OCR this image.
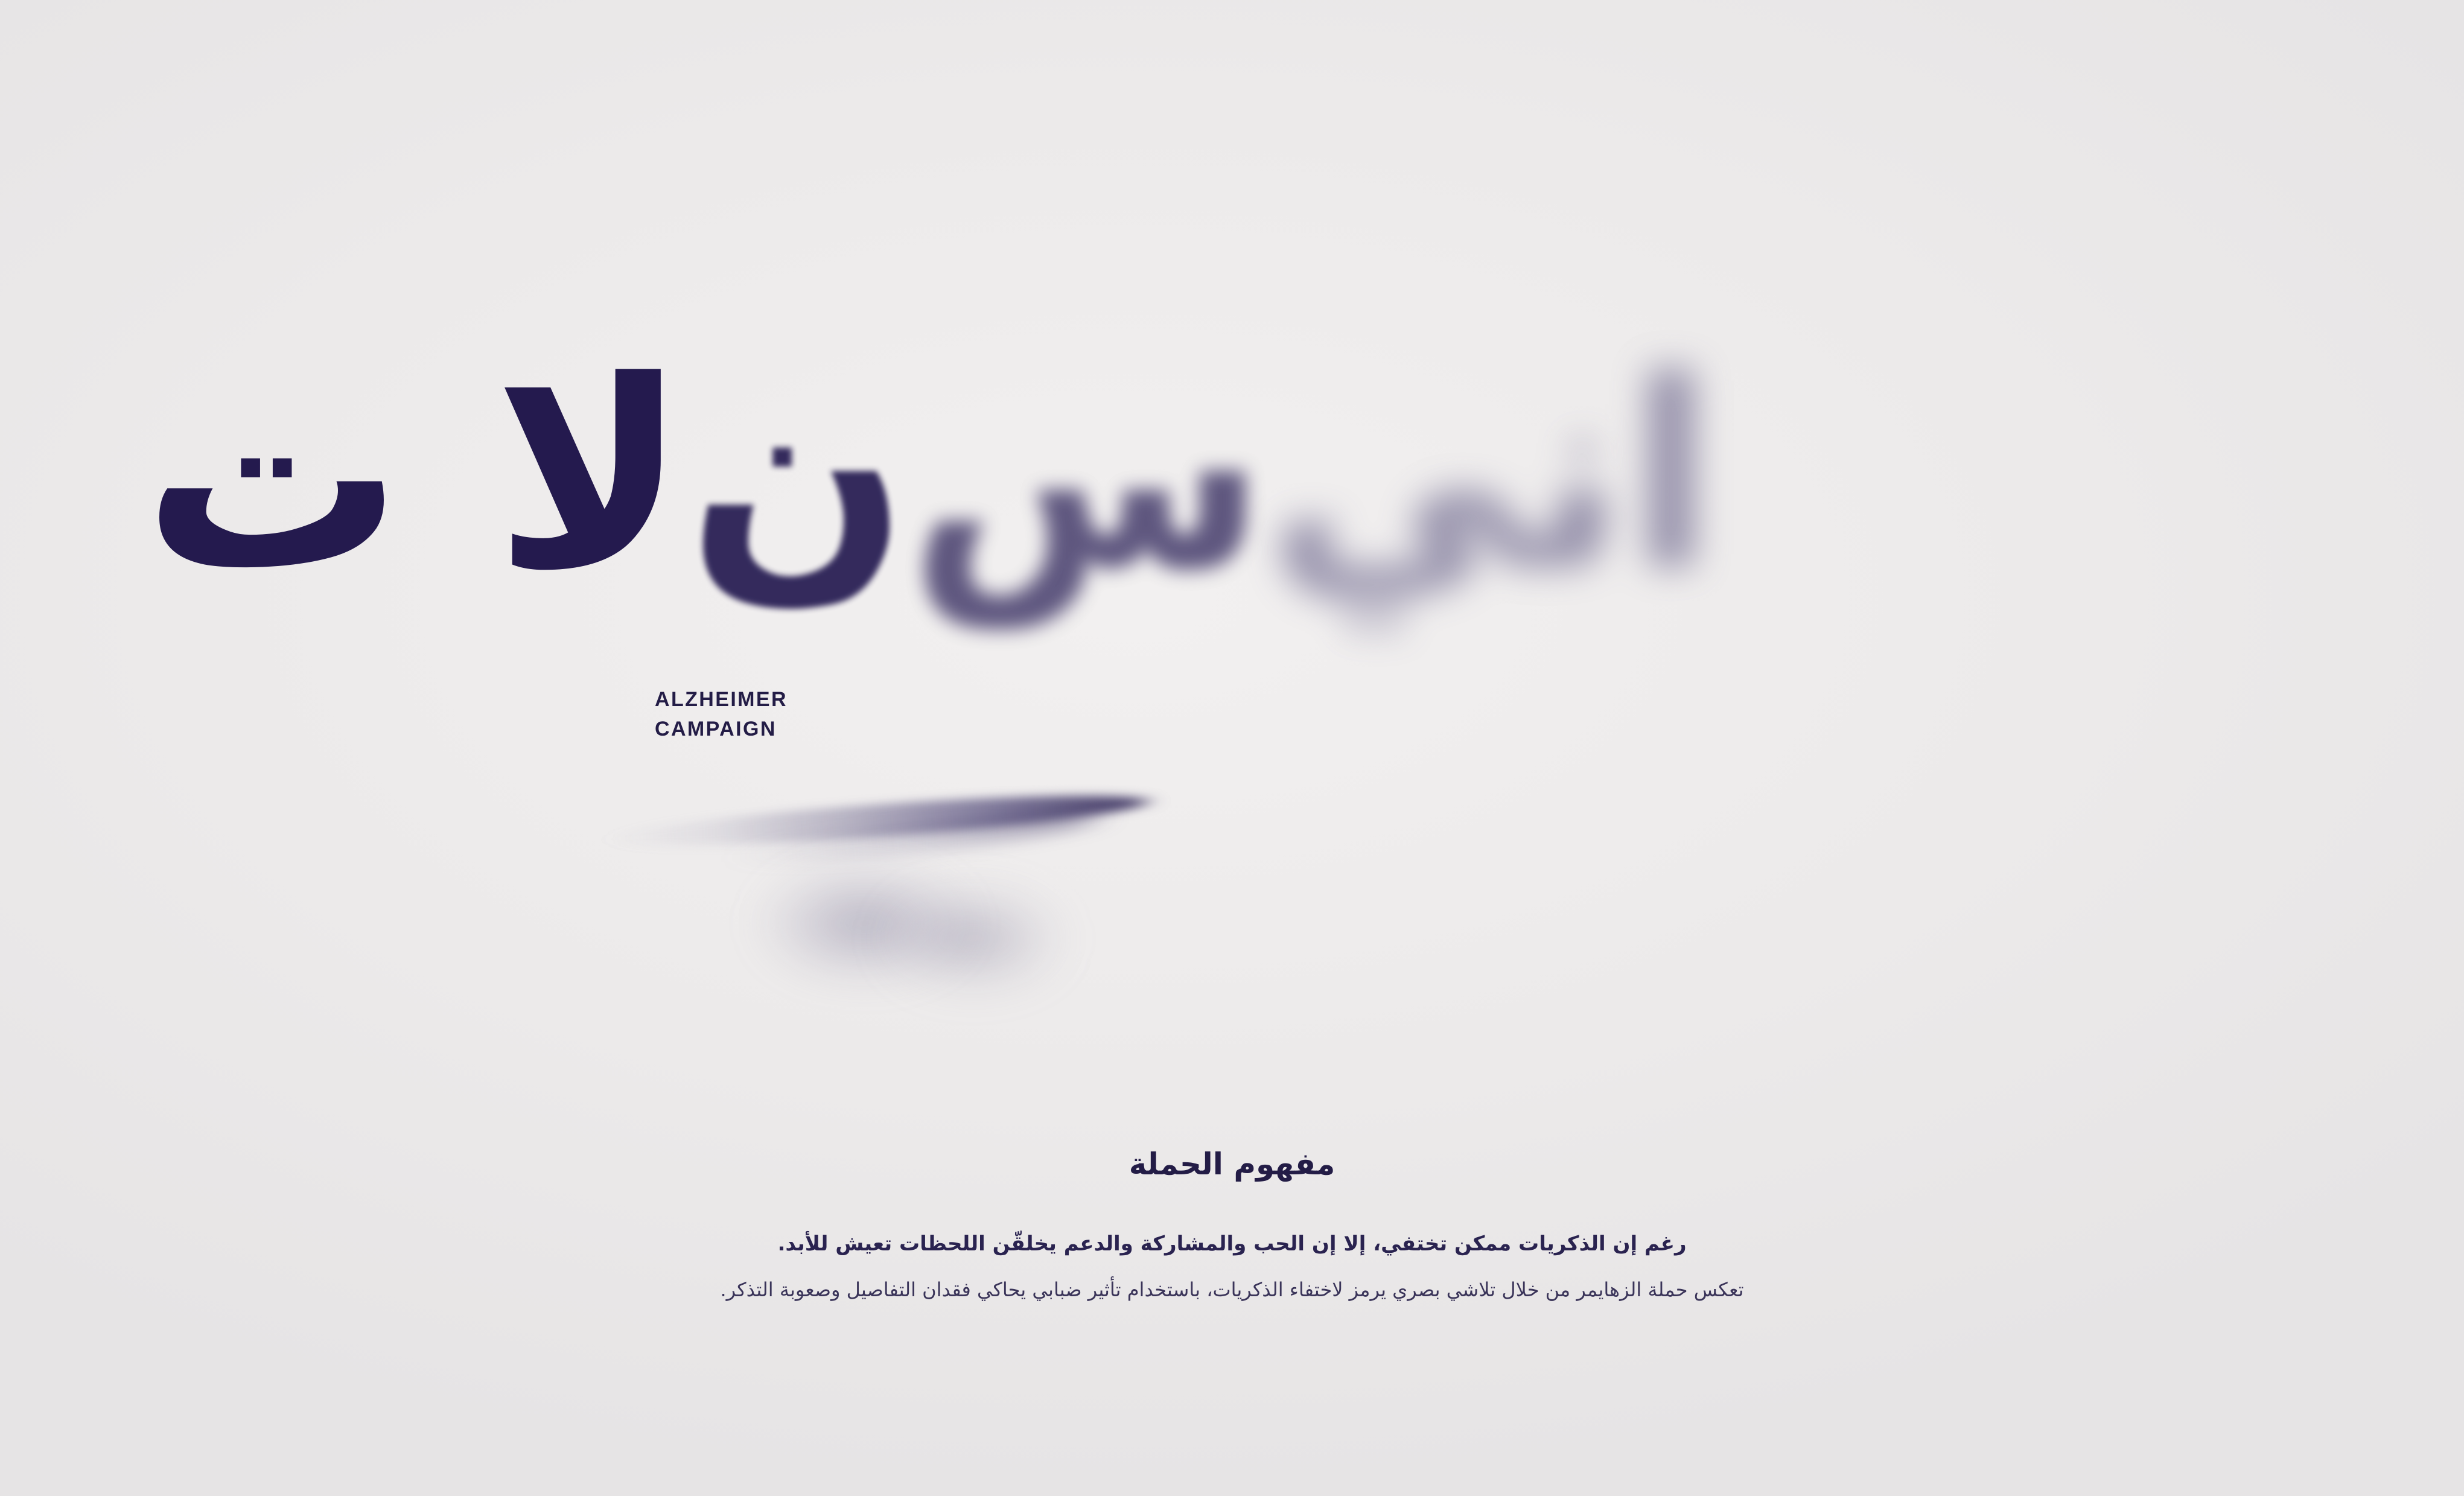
انيسنلا ت
ALZHEIMER
CAMPAIGN
مفهوم الحملة

رغم إن الذكريات ممكن تختفي، إلا إن الحب والمشاركة والدعم يخلقّن اللحظات تعيش للأبد.

تعكس حملة الزهايمر من خلال تلاشي بصري يرمز لاختفاء الذكريات، باستخدام تأثير ضبابي يحاكي فقدان التفاصيل وصعوبة التذكر.
